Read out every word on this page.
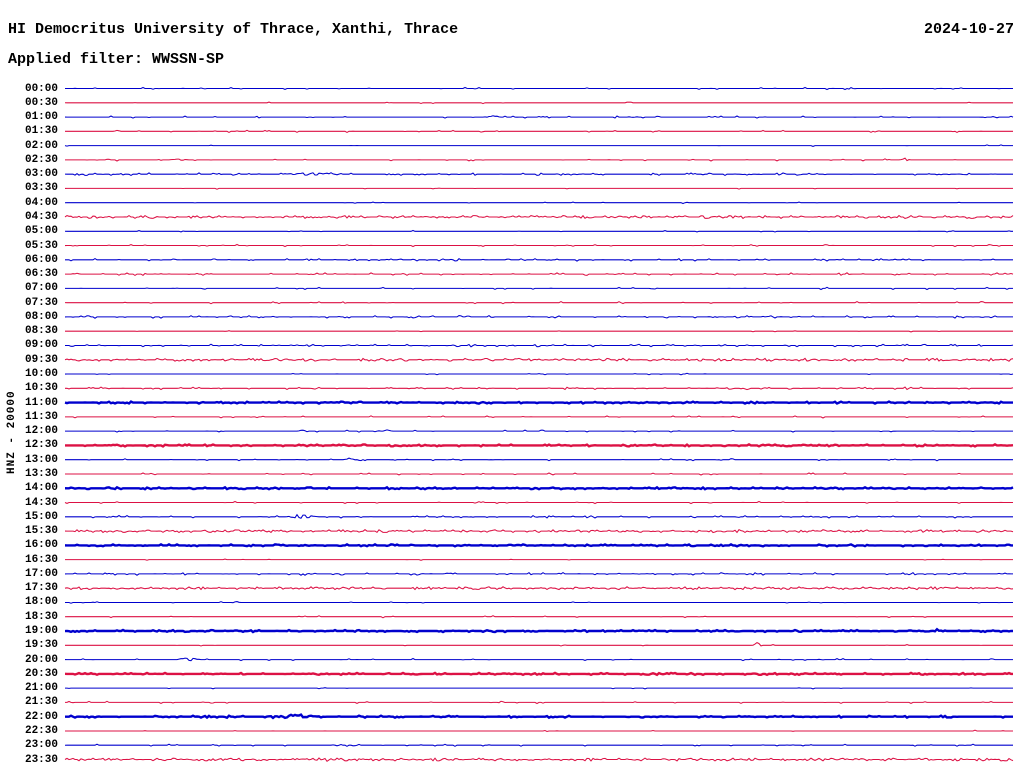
HI Democritus University of Thrace, Xanthi, Thrace	2024-10-27
Applied filter: WWSSN-SP
HNZ - 20000
00:00
00:30
01:00
01:30
02:00
02:30
03:00
03:30
04:00
04:30
05:00
05:30
06:00
06:30
07:00
07:30
08:00
08:30
09:00
09:30
10:00
10:30
11:00
11:30
12:00
12:30
13:00
13:30
14:00
14:30
15:00
15:30
16:00
16:30
17:00
17:30
18:00
18:30
19:00
19:30
20:00
20:30
21:00
21:30
22:00
22:30
23:00
23:30
